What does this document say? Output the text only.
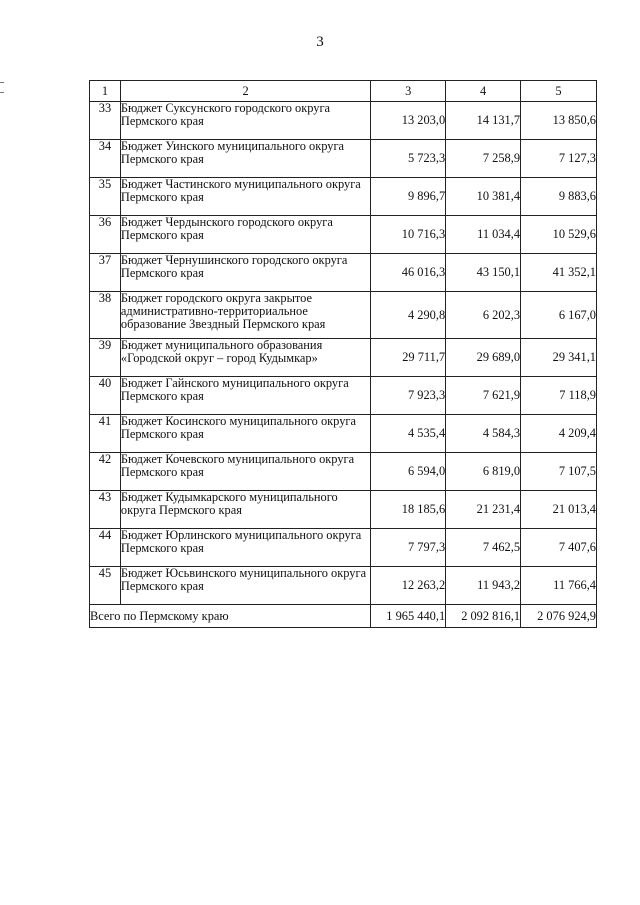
3
1	2	3	4	5
33	Бюджет Суксунского городского округа Пермского края	13 203,0	14 131,7	13 850,6
34	Бюджет Уинского муниципального округа Пермского края	5 723,3	7 258,9	7 127,3
35	Бюджет Частинского муниципального округа Пермского края	9 896,7	10 381,4	9 883,6
36	Бюджет Чердынского городского округа Пермского края	10 716,3	11 034,4	10 529,6
37	Бюджет Чернушинского городского округа Пермского края	46 016,3	43 150,1	41 352,1
38	Бюджет городского округа закрытое административно-территориальное образование Звездный Пермского края	4 290,8	6 202,3	6 167,0
39	Бюджет муниципального образования «Городской округ – город Кудымкар»	29 711,7	29 689,0	29 341,1
40	Бюджет Гайнского муниципального округа Пермского края	7 923,3	7 621,9	7 118,9
41	Бюджет Косинского муниципального округа Пермского края	4 535,4	4 584,3	4 209,4
42	Бюджет Кочевского муниципального округа Пермского края	6 594,0	6 819,0	7 107,5
43	Бюджет Кудымкарского муниципального округа Пермского края	18 185,6	21 231,4	21 013,4
44	Бюджет Юрлинского муниципального округа Пермского края	7 797,3	7 462,5	7 407,6
45	Бюджет Юсьвинского муниципального округа Пермского края	12 263,2	11 943,2	11 766,4
Всего по Пермскому краю		1 965 440,1	2 092 816,1	2 076 924,9
